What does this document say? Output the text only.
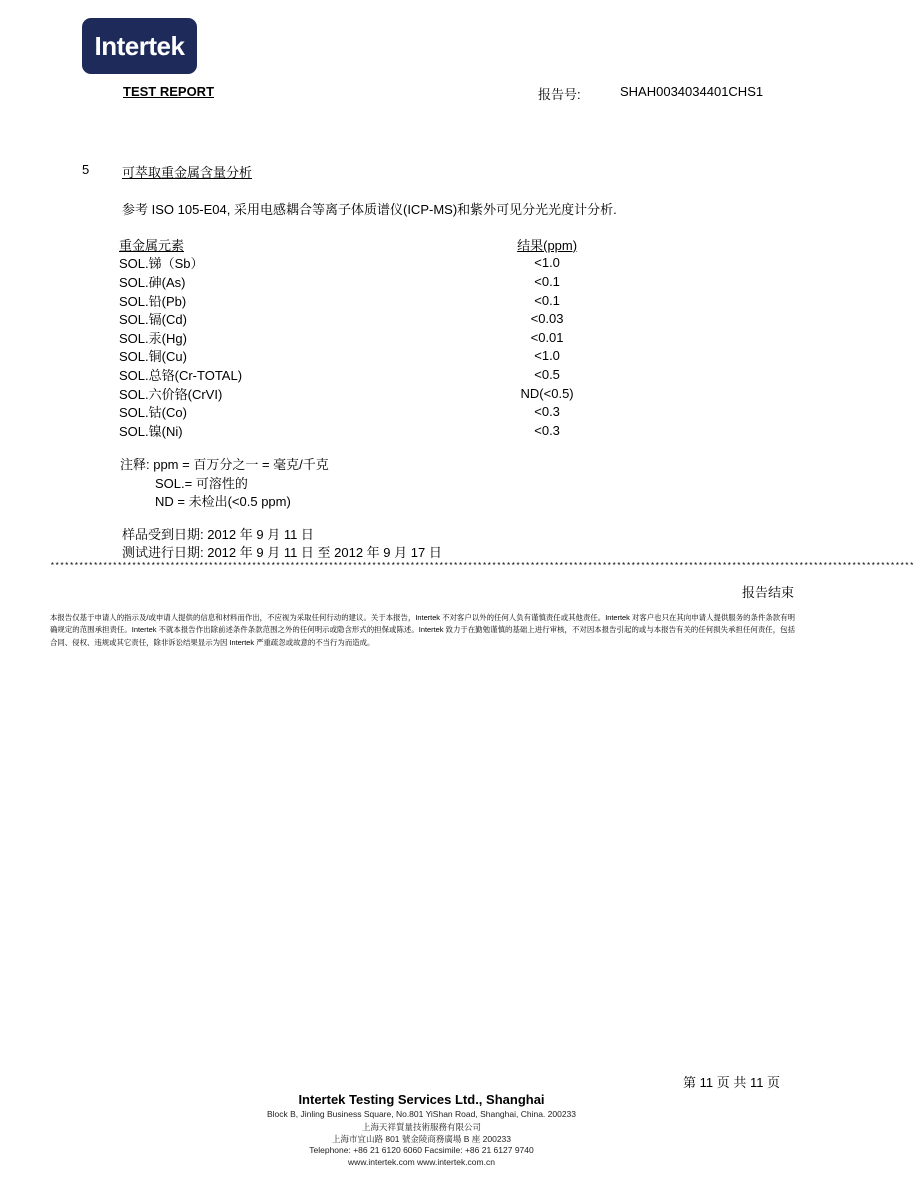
Intertek
TEST REPORT	报告号:	SHAH0034034401CHS1
5	可萃取重金属含量分析
参考 ISO 105-E04, 采用电感耦合等离子体质谱仪(ICP-MS)和紫外可见分光光度计分析.
重金属元素	结果(ppm)
SOL.锑（Sb）	<1.0
SOL.砷(As)	<0.1
SOL.铅(Pb)	<0.1
SOL.镉(Cd)	<0.03
SOL.汞(Hg)	<0.01
SOL.铜(Cu)	<1.0
SOL.总铬(Cr-TOTAL)	<0.5
SOL.六价铬(CrVI)	ND(<0.5)
SOL.钴(Co)	<0.3
SOL.镍(Ni)	<0.3
注释: ppm = 百万分之一 = 毫克/千克
SOL.= 可溶性的
ND = 未检出(<0.5 ppm)
样品受到日期: 2012 年 9 月 11 日
测试进行日期: 2012 年 9 月 11 日 至 2012 年 9 月 17 日
************************************************************************************************************************************************************************************
报告结束
本报告仅基于申请人的指示及/或申请人提供的信息和材料而作出，不应视为采取任何行动的建议。关于本报告，Intertek 不对客户以外的任何人负有谨慎责任或其他责任。Intertek 对客户也只在其向申请人提供服务的条件条款有明确规定的范围承担责任。Intertek 不就本报告作出除前述条件条款范围之外的任何明示或隐含形式的担保或陈述。Intertek 致力于在勤勉谨慎的基础上进行审核，不对因本报告引起的或与本报告有关的任何损失承担任何责任，包括合同、侵权、违规或其它责任，除非诉讼结果显示为因 Intertek 严重疏忽或故意的不当行为而造成。
第 11 页 共 11 页
Intertek Testing Services Ltd., Shanghai
Block B, Jinling Business Square, No.801 YiShan Road, Shanghai, China. 200233
上海天祥質量技術服務有限公司
上海市宜山路 801 號金陵商務廣場 B 座 200233
Telephone: +86 21 6120 6060 Facsimile: +86 21 6127 9740
www.intertek.com www.intertek.com.cn
